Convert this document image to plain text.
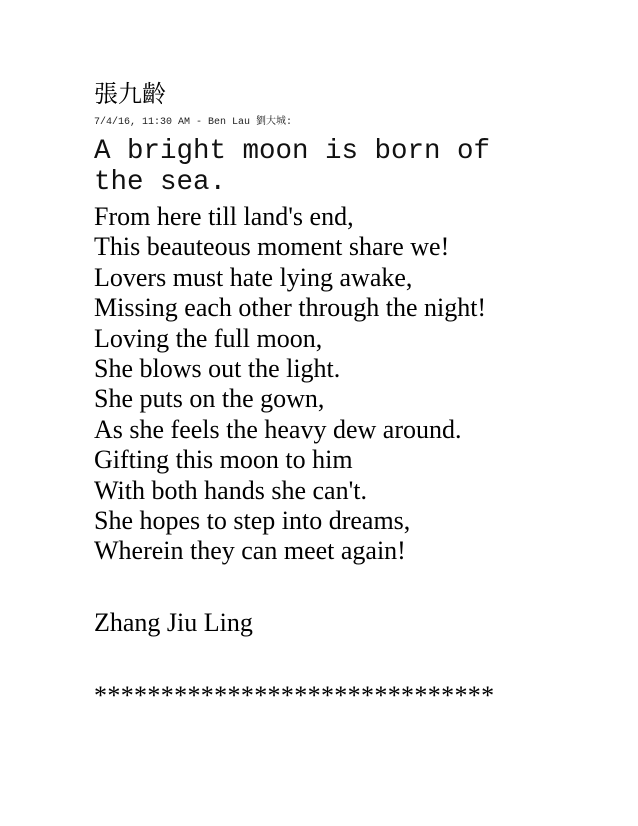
張九齡
7/4/16, 11:30 AM - Ben Lau 劉大城:
A bright moon is born of
the sea.
From here till land's end,
This beauteous moment share we!
Lovers must hate lying awake,
Missing each other through the night!
Loving the full moon,
She blows out the light.
She puts on the gown,
As she feels the heavy dew around.
Gifting this moon to him
With both hands she can't.
She hopes to step into dreams,
Wherein they can meet again!
Zhang Jiu Ling
******************************
